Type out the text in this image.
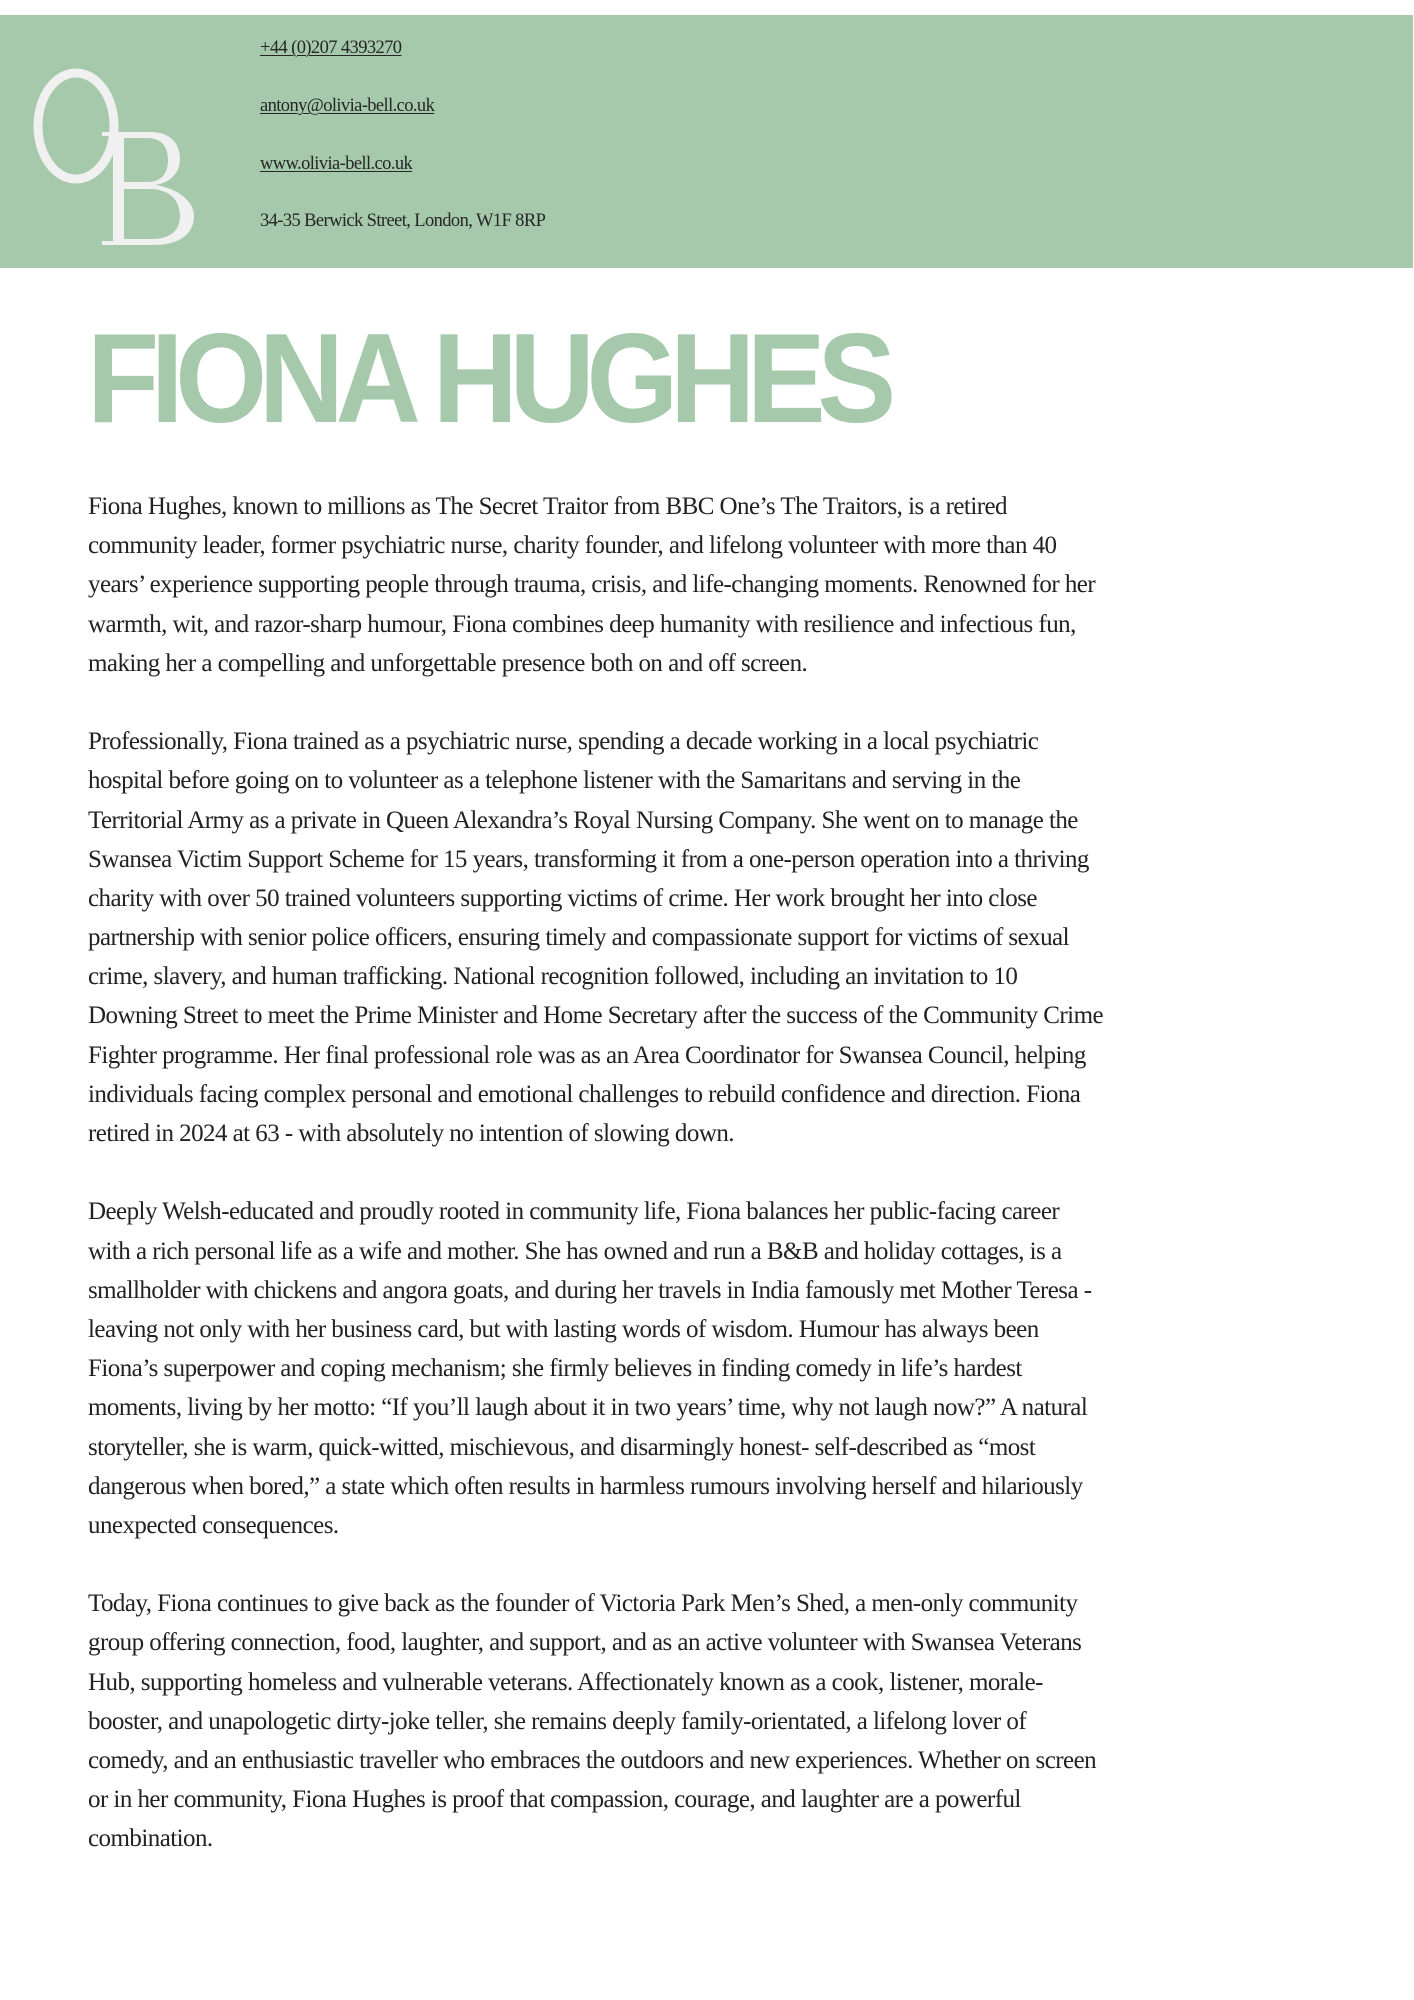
+44 (0)207 4393270
antony@olivia-bell.co.uk
www.olivia-bell.co.uk
34-35 Berwick Street, London, W1F 8RP
FIONA HUGHES

Fiona Hughes, known to millions as The Secret Traitor from BBC One’s The Traitors, is a retired
community leader, former psychiatric nurse, charity founder, and lifelong volunteer with more than 40
years’ experience supporting people through trauma, crisis, and life-changing moments. Renowned for her
warmth, wit, and razor-sharp humour, Fiona combines deep humanity with resilience and infectious fun,
making her a compelling and unforgettable presence both on and off screen.

Professionally, Fiona trained as a psychiatric nurse, spending a decade working in a local psychiatric
hospital before going on to volunteer as a telephone listener with the Samaritans and serving in the
Territorial Army as a private in Queen Alexandra’s Royal Nursing Company. She went on to manage the
Swansea Victim Support Scheme for 15 years, transforming it from a one-person operation into a thriving
charity with over 50 trained volunteers supporting victims of crime. Her work brought her into close
partnership with senior police officers, ensuring timely and compassionate support for victims of sexual
crime, slavery, and human trafficking. National recognition followed, including an invitation to 10
Downing Street to meet the Prime Minister and Home Secretary after the success of the Community Crime
Fighter programme. Her final professional role was as an Area Coordinator for Swansea Council, helping
individuals facing complex personal and emotional challenges to rebuild confidence and direction. Fiona
retired in 2024 at 63 - with absolutely no intention of slowing down.

Deeply Welsh-educated and proudly rooted in community life, Fiona balances her public-facing career
with a rich personal life as a wife and mother. She has owned and run a B&B and holiday cottages, is a
smallholder with chickens and angora goats, and during her travels in India famously met Mother Teresa -
leaving not only with her business card, but with lasting words of wisdom. Humour has always been
Fiona’s superpower and coping mechanism; she firmly believes in finding comedy in life’s hardest
moments, living by her motto: “If you’ll laugh about it in two years’ time, why not laugh now?” A natural
storyteller, she is warm, quick-witted, mischievous, and disarmingly honest- self-described as “most
dangerous when bored,” a state which often results in harmless rumours involving herself and hilariously
unexpected consequences.

Today, Fiona continues to give back as the founder of Victoria Park Men’s Shed, a men-only community
group offering connection, food, laughter, and support, and as an active volunteer with Swansea Veterans
Hub, supporting homeless and vulnerable veterans. Affectionately known as a cook, listener, morale-
booster, and unapologetic dirty-joke teller, she remains deeply family-orientated, a lifelong lover of
comedy, and an enthusiastic traveller who embraces the outdoors and new experiences. Whether on screen
or in her community, Fiona Hughes is proof that compassion, courage, and laughter are a powerful
combination.
